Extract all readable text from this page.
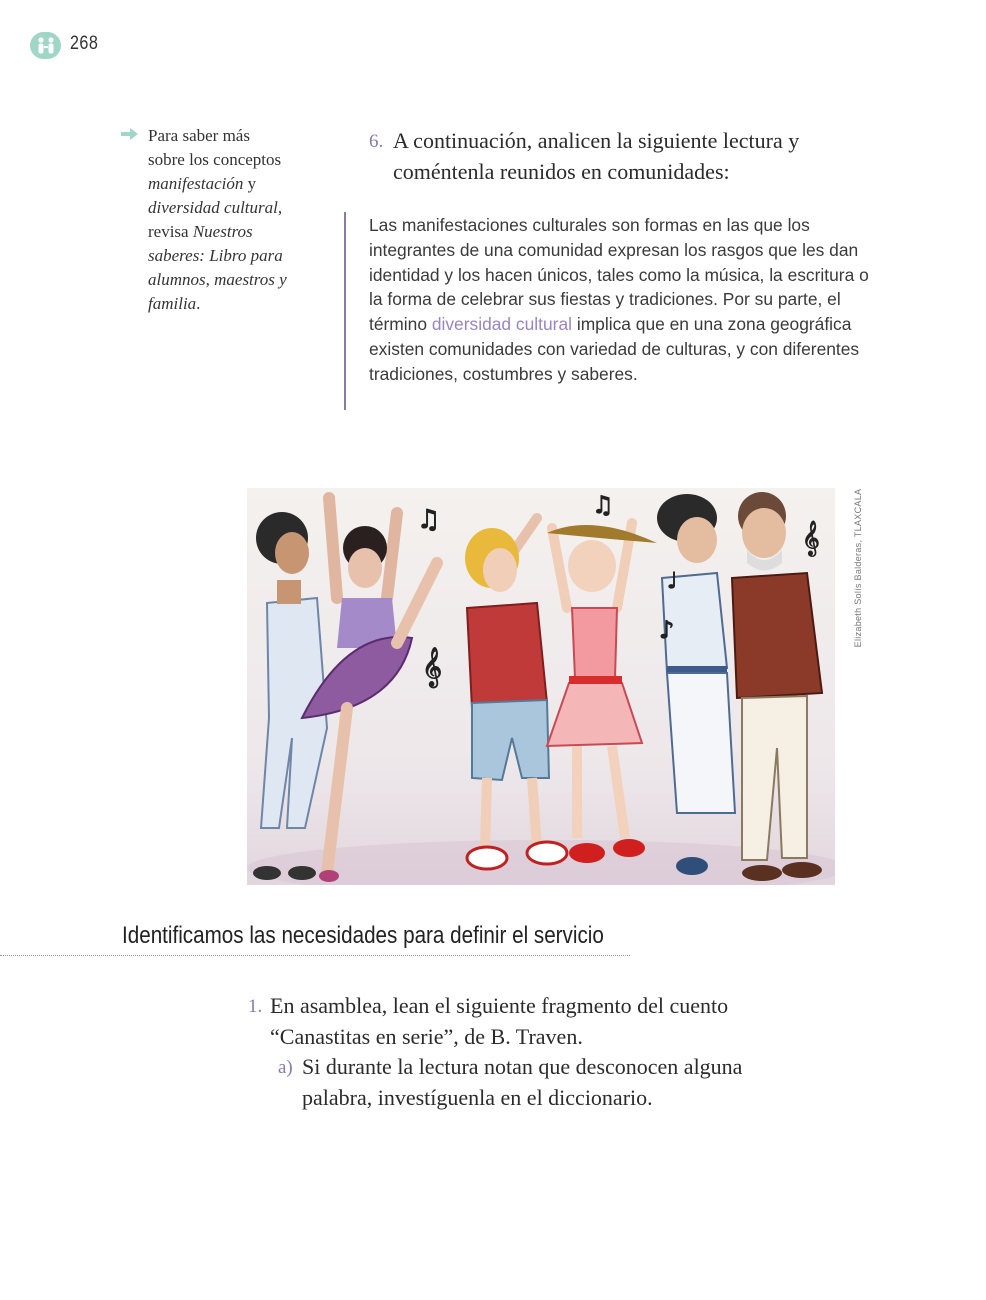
268
Para saber más
sobre los conceptos
manifestación y
diversidad cultural,
revisa Nuestros
saberes: Libro para
alumnos, maestros y
familia.
6. A continuación, analicen la siguiente lectura y coméntenla reunidos en comunidades:
Las manifestaciones culturales son formas en las que los integrantes de una comunidad expresan los rasgos que les dan identidad y los hacen únicos, tales como la música, la escritura o la forma de celebrar sus fiestas y tradiciones. Por su parte, el término diversidad cultural implica que en una zona geográfica existen comunidades con variedad de culturas, y con diferentes tradiciones, costumbres y saberes.
♫	♫
♪
♩
𝄞
𝄞	Elizabeth Solís Balderas, TLAXCALA
Identificamos las necesidades para definir el servicio
1. En asamblea, lean el siguiente fragmento del cuento “Canastitas en serie”, de B. Traven.
a) Si durante la lectura notan que desconocen alguna palabra, investíguenla en el diccionario.
